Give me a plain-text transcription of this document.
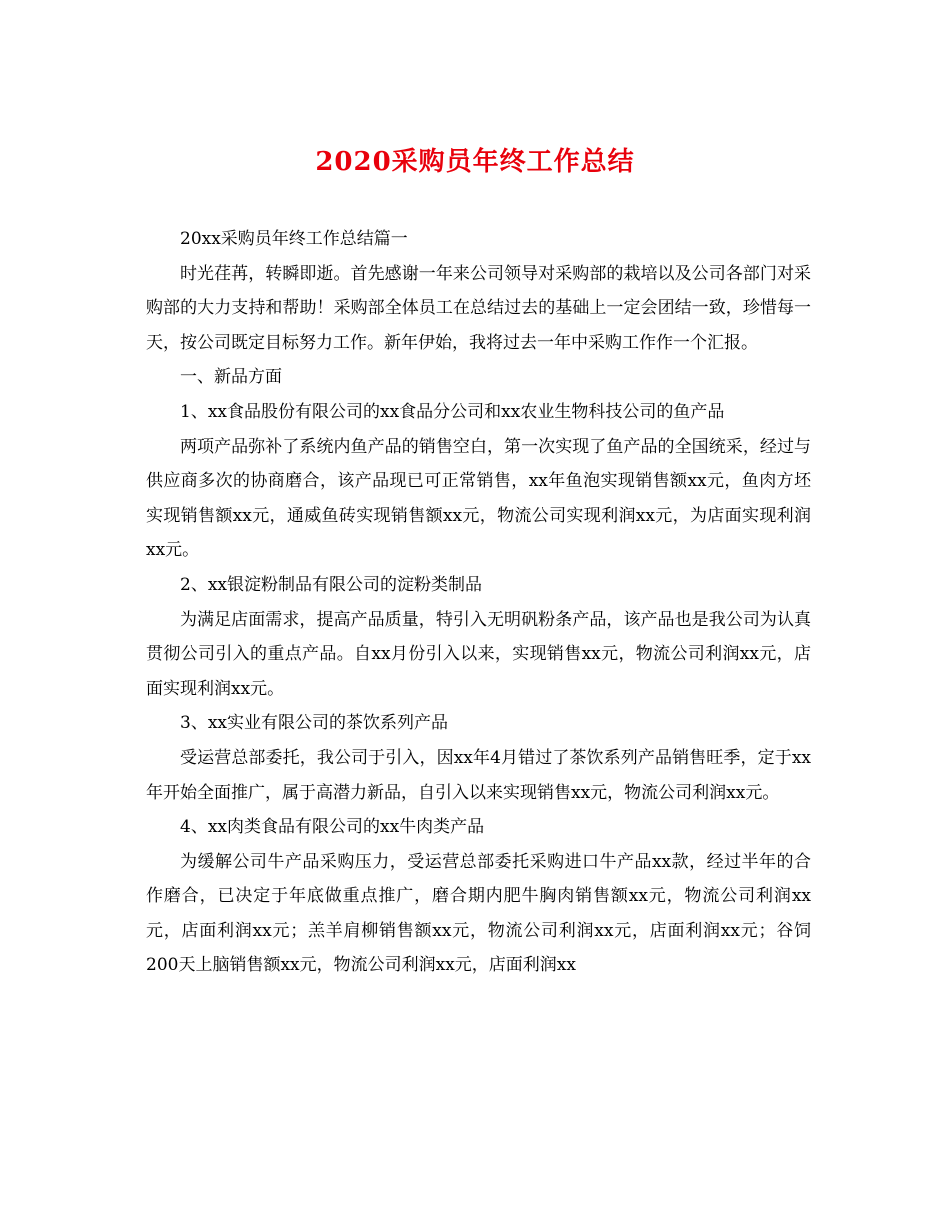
2020采购员年终工作总结

20xx采购员年终工作总结篇一

时光荏苒，转瞬即逝。首先感谢一年来公司领导对采购部的栽培以及公司各部门对采购部的大力支持和帮助！采购部全体员工在总结过去的基础上一定会团结一致，珍惜每一天，按公司既定目标努力工作。新年伊始，我将过去一年中采购工作作一个汇报。

一、新品方面

1、xx食品股份有限公司的xx食品分公司和xx农业生物科技公司的鱼产品

两项产品弥补了系统内鱼产品的销售空白，第一次实现了鱼产品的全国统采，经过与供应商多次的协商磨合，该产品现已可正常销售，xx年鱼泡实现销售额xx元，鱼肉方坯实现销售额xx元，通威鱼砖实现销售额xx元，物流公司实现利润xx元，为店面实现利润xx元。

2、xx银淀粉制品有限公司的淀粉类制品

为满足店面需求，提高产品质量，特引入无明矾粉条产品，该产品也是我公司为认真贯彻公司引入的重点产品。自xx月份引入以来，实现销售xx元，物流公司利润xx元，店面实现利润xx元。

3、xx实业有限公司的茶饮系列产品

受运营总部委托，我公司于引入，因xx年4月错过了茶饮系列产品销售旺季，定于xx年开始全面推广，属于高潜力新品，自引入以来实现销售xx元，物流公司利润xx元。

4、xx肉类食品有限公司的xx牛肉类产品

为缓解公司牛产品采购压力，受运营总部委托采购进口牛产品xx款，经过半年的合作磨合，已决定于年底做重点推广，磨合期内肥牛胸肉销售额xx元，物流公司利润xx元，店面利润xx元；羔羊肩柳销售额xx元，物流公司利润xx元，店面利润xx元；谷饲200天上脑销售额xx元，物流公司利润xx元，店面利润xx
